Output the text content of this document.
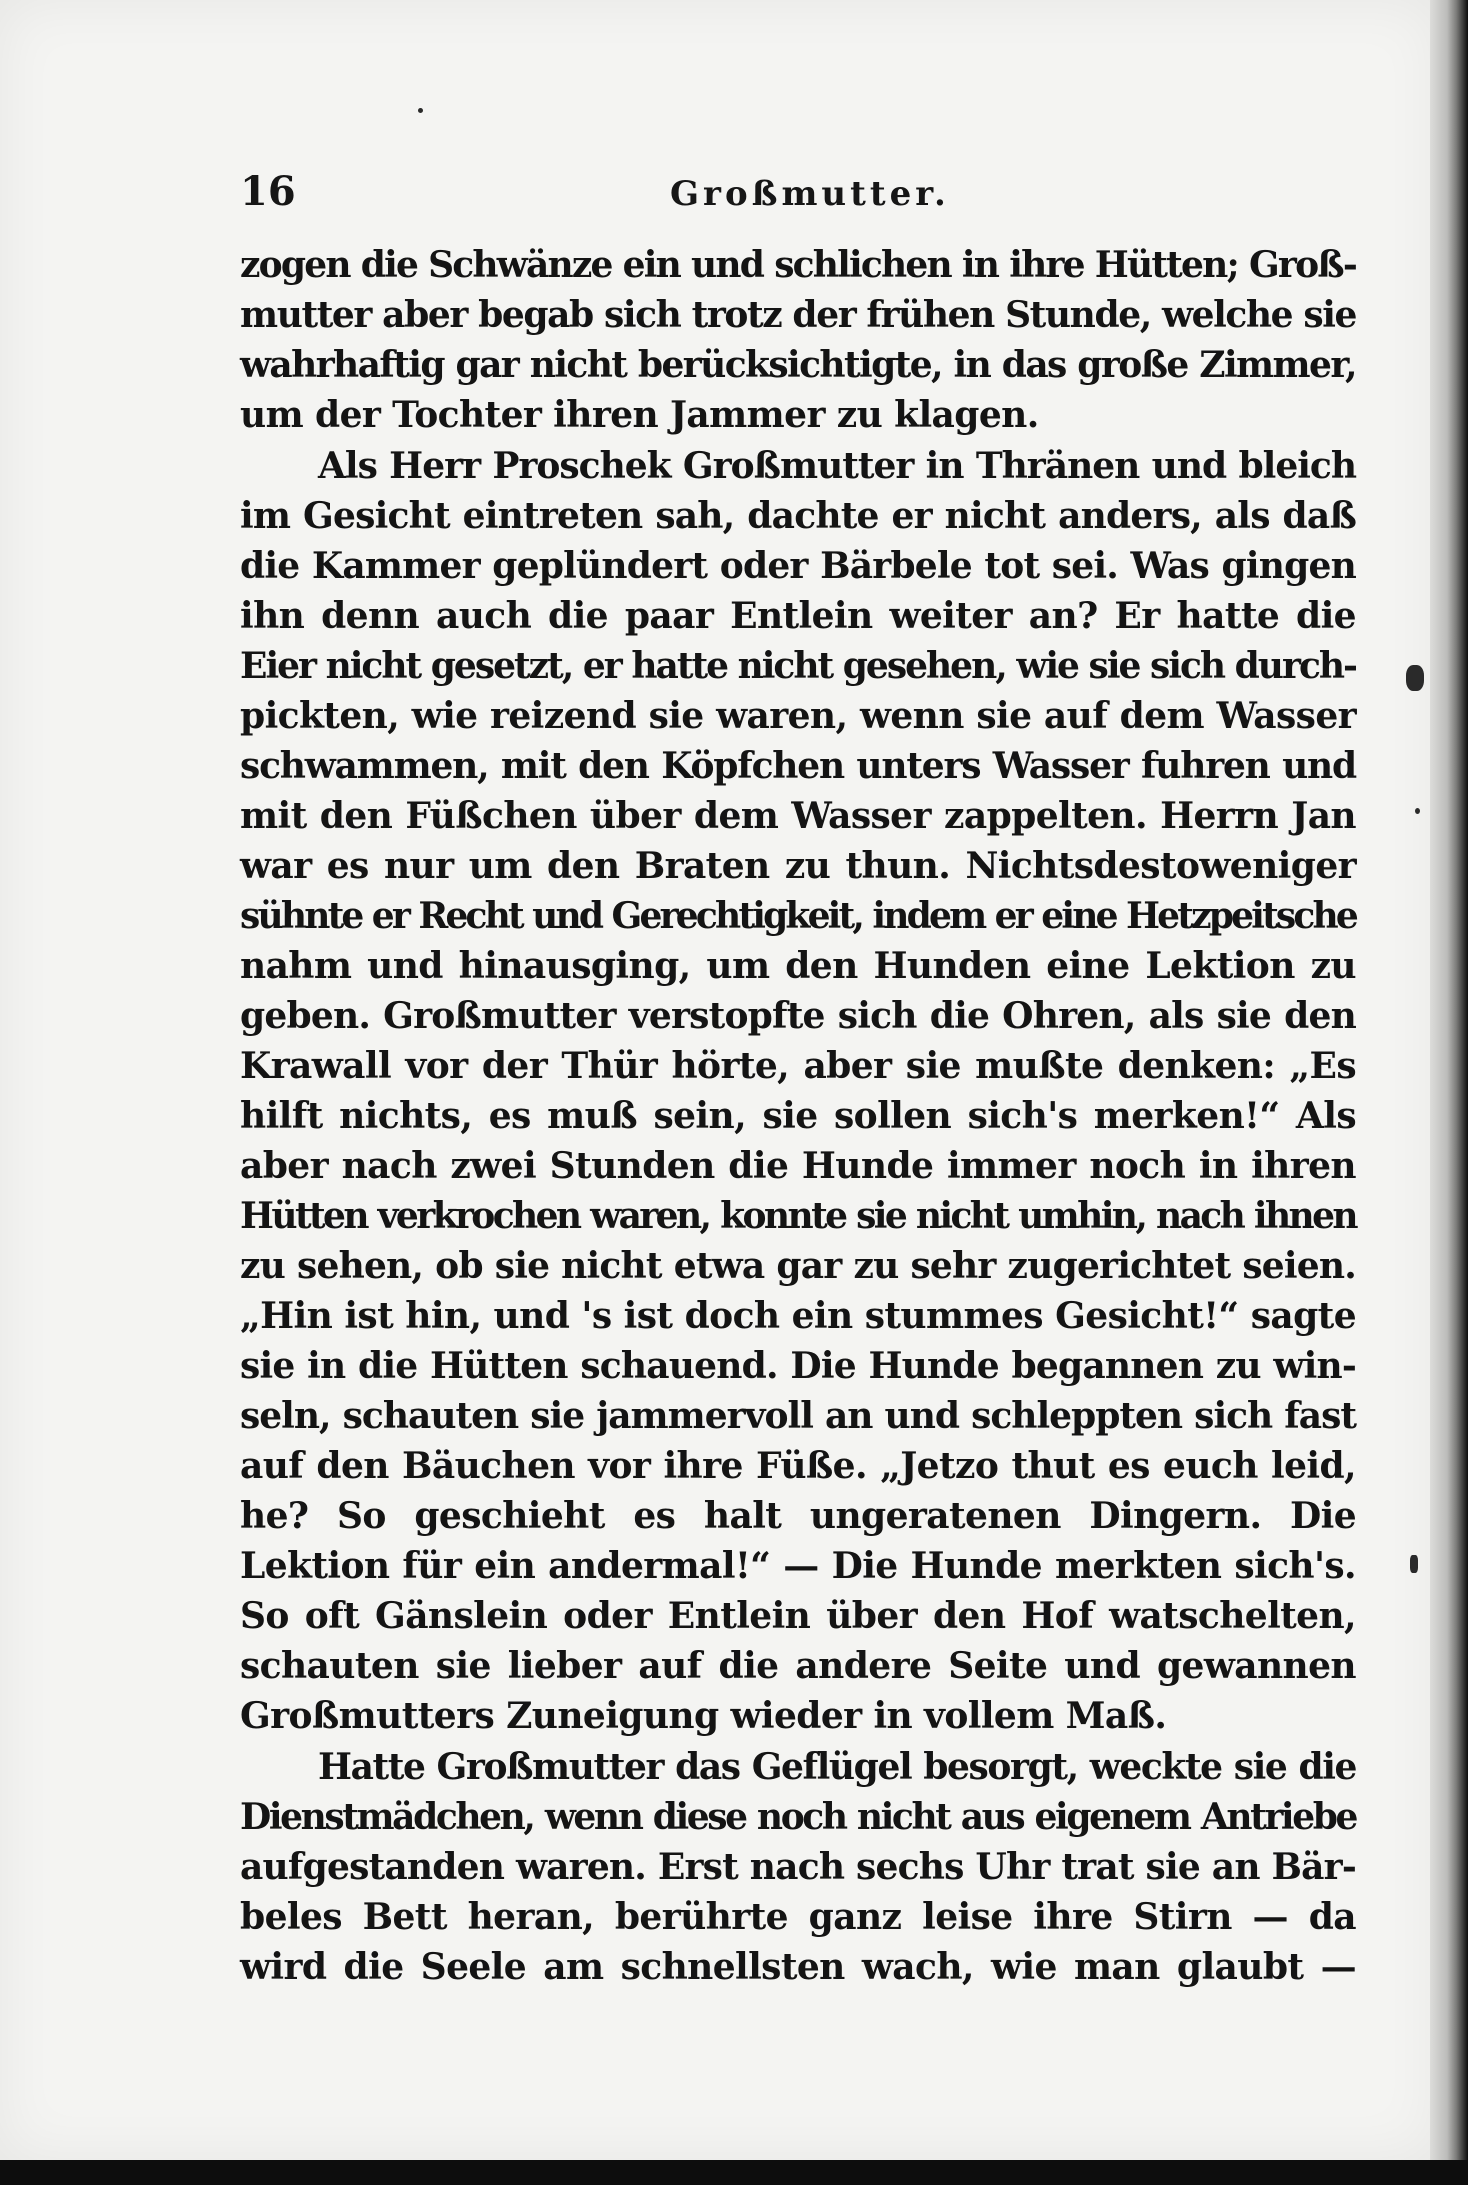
16	Großmutter.
zogen die Schwänze ein und schlichen in ihre Hütten; Groß-
mutter aber begab sich trotz der frühen Stunde, welche sie
wahrhaftig gar nicht berücksichtigte, in das große Zimmer,
um der Tochter ihren Jammer zu klagen.
Als Herr Proschek Großmutter in Thränen und bleich
im Gesicht eintreten sah, dachte er nicht anders, als daß
die Kammer geplündert oder Bärbele tot sei. Was gingen
ihn denn auch die paar Entlein weiter an? Er hatte die
Eier nicht gesetzt, er hatte nicht gesehen, wie sie sich durch-
pickten, wie reizend sie waren, wenn sie auf dem Wasser
schwammen, mit den Köpfchen unters Wasser fuhren und
mit den Füßchen über dem Wasser zappelten. Herrn Jan
war es nur um den Braten zu thun. Nichtsdestoweniger
sühnte er Recht und Gerechtigkeit, indem er eine Hetzpeitsche
nahm und hinausging, um den Hunden eine Lektion zu
geben. Großmutter verstopfte sich die Ohren, als sie den
Krawall vor der Thür hörte, aber sie mußte denken: „Es
hilft nichts, es muß sein, sie sollen sich's merken!“ Als
aber nach zwei Stunden die Hunde immer noch in ihren
Hütten verkrochen waren, konnte sie nicht umhin, nach ihnen
zu sehen, ob sie nicht etwa gar zu sehr zugerichtet seien.
„Hin ist hin, und 's ist doch ein stummes Gesicht!“ sagte
sie in die Hütten schauend. Die Hunde begannen zu win-
seln, schauten sie jammervoll an und schleppten sich fast
auf den Bäuchen vor ihre Füße. „Jetzo thut es euch leid,
he? So geschieht es halt ungeratenen Dingern. Die
Lektion für ein andermal!“ — Die Hunde merkten sich's.
So oft Gänslein oder Entlein über den Hof watschelten,
schauten sie lieber auf die andere Seite und gewannen
Großmutters Zuneigung wieder in vollem Maß.
Hatte Großmutter das Geflügel besorgt, weckte sie die
Dienstmädchen, wenn diese noch nicht aus eigenem Antriebe
aufgestanden waren. Erst nach sechs Uhr trat sie an Bär-
beles Bett heran, berührte ganz leise ihre Stirn — da
wird die Seele am schnellsten wach, wie man glaubt —
